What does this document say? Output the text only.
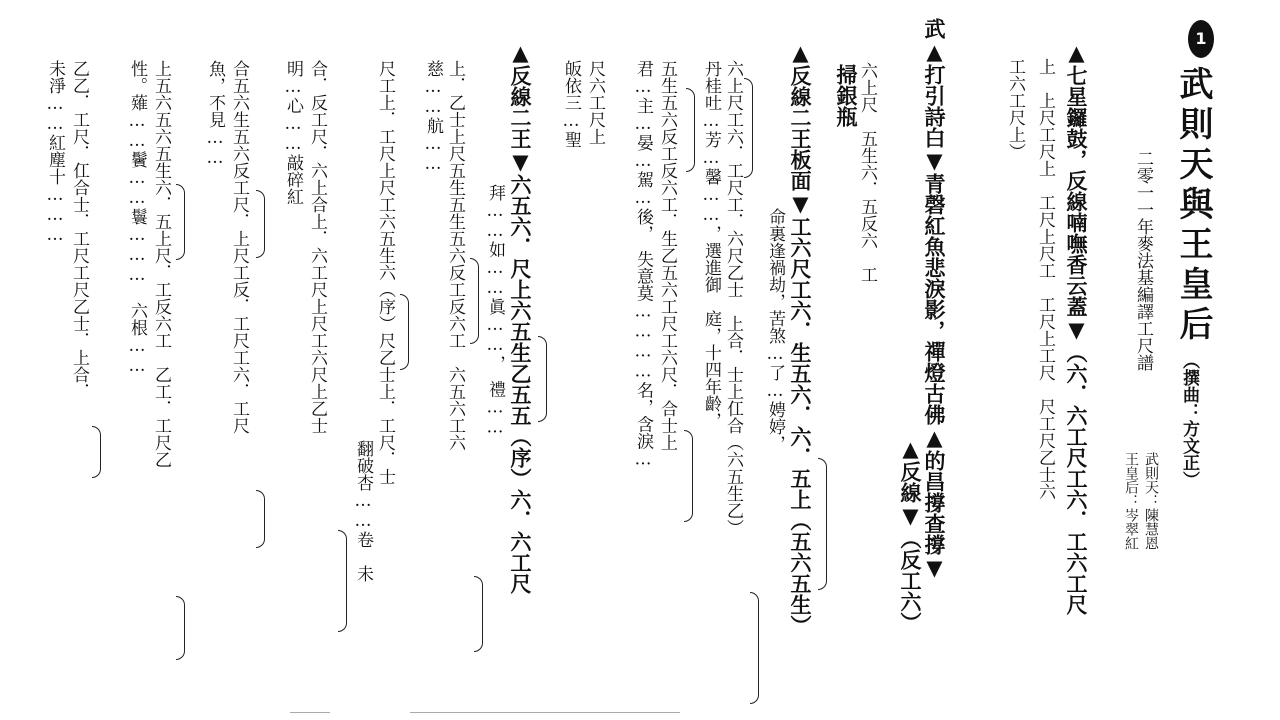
1
武則天與王皇后
（撰曲：方文正）
二零一一年麥法基編譯工尺譜
武則天：陳慧恩
王皇后：岑翠紅
▲七星鑼鼓，反線喃嘸香云蓋▼（六．六工尺工六．工六工尺
上　上尺工尺上　工尺上尺工　工尺上工尺　尺工尺乙士六
工六工尺上）
武▲打引詩白▼青磬紅魚悲淚影，禪燈古佛▲的昌撐查撐▼
▲反線▼（反工六）
六上尺　五生六．五反六　工
掃銀瓶
▲反線二王板面▼工六尺工六．生五六．六．五上（五六五生）
命裏逢禍劫，苦煞…了…娉婷，
六上尺工六．工尺工．六尺乙士　上合．士上仜合（六五生乙）
丹桂吐…芳…馨……，選進御　庭，十四年齡，
五生五六反工反六工．生乙五六工尺工六尺．合士上
君…主…晏…駕…後，　失意莫…………名，含淚…
尺六工尺上
皈依三…聖
▲反線二王▼六五六．尺上六五生乙五五（序）六．六工尺
拜……如……眞……，　禮……
上．乙士上尺五生五生五六反工反六工　六五六工六
慈……航……
尺工上．工尺上尺工六五生六（序）尺乙士上．工尺．士
翻破杏……卷　未
合．反工尺．六上合上．六工尺上尺工六尺上乙士
明…心……敲碎紅
合五六生五六反工尺．上尺工反．工尺工六．工尺
魚，不見……
上五六五六五生六．五上尺．工反六工　乙工．工尺乙
性。薙……鬢……鬟………　六根……
乙乙．工尺．仜合士．工尺工尺乙士．上合．
未淨……紅塵十………
